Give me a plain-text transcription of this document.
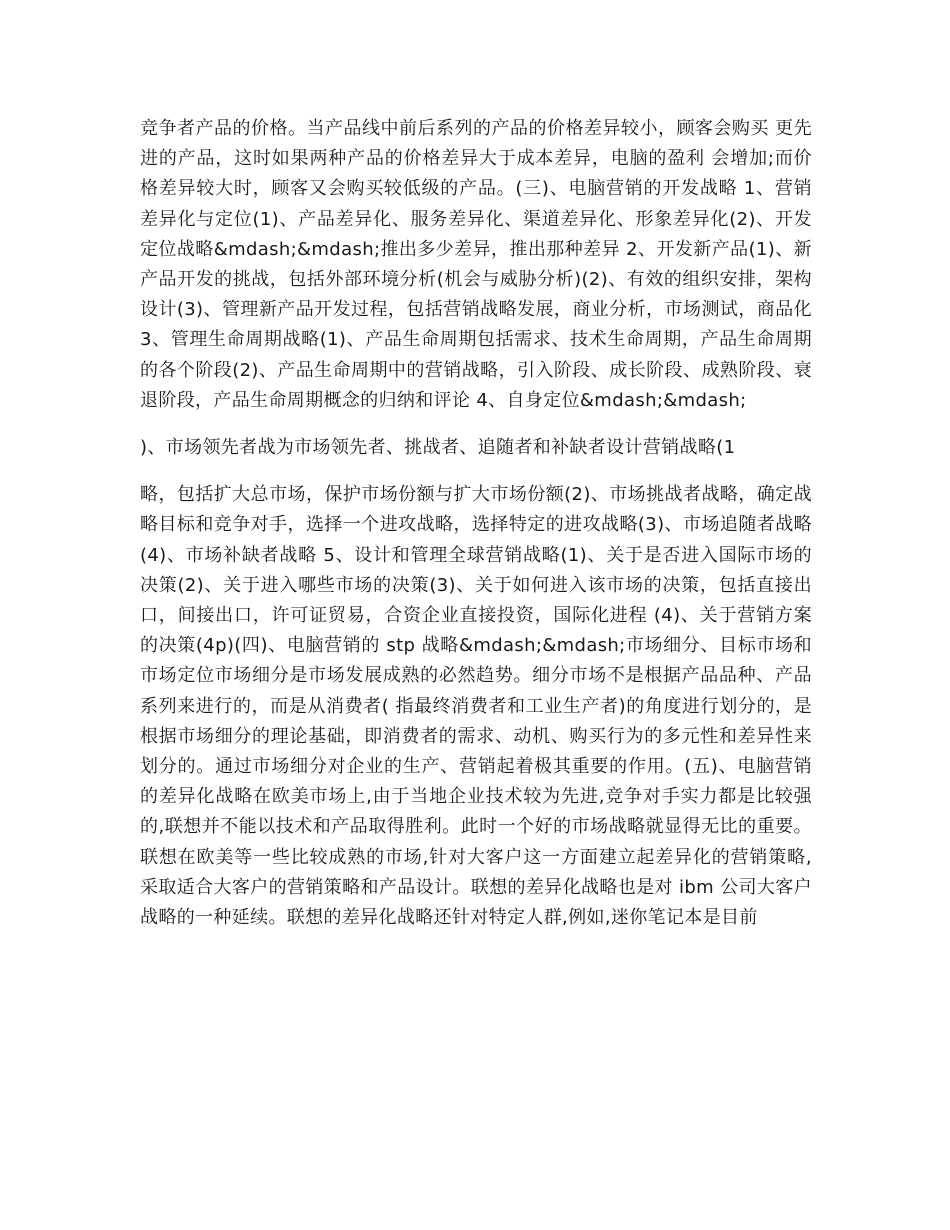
竞争者产品的价格。当产品线中前后系列的产品的价格差异较小，顾客会购买 更先进的产品，这时如果两种产品的价格差异大于成本差异，电脑的盈利 会增加;而价格差异较大时，顾客又会购买较低级的产品。(三)、电脑营销的开发战略 1、营销差异化与定位(1)、产品差异化、服务差异化、渠道差异化、形象差异化(2)、开发定位战略&mdash;&mdash;推出多少差异，推出那种差异 2、开发新产品(1)、新产品开发的挑战，包括外部环境分析(机会与威胁分析)(2)、有效的组织安排，架构设计(3)、管理新产品开发过程，包括营销战略发展，商业分析，市场测试，商品化 3、管理生命周期战略(1)、产品生命周期包括需求、技术生命周期，产品生命周期的各个阶段(2)、产品生命周期中的营销战略，引入阶段、成长阶段、成熟阶段、衰退阶段，产品生命周期概念的归纳和评论 4、自身定位&mdash;&mdash;

)、市场领先者战为市场领先者、挑战者、追随者和补缺者设计营销战略(1

略，包括扩大总市场，保护市场份额与扩大市场份额(2)、市场挑战者战略，确定战略目标和竞争对手，选择一个进攻战略，选择特定的进攻战略(3)、市场追随者战略 (4)、市场补缺者战略 5、设计和管理全球营销战略(1)、关于是否进入国际市场的决策(2)、关于进入哪些市场的决策(3)、关于如何进入该市场的决策，包括直接出口，间接出口，许可证贸易，合资企业直接投资，国际化进程 (4)、关于营销方案的决策(4p)(四)、电脑营销的 stp 战略&mdash;&mdash;市场细分、目标市场和市场定位市场细分是市场发展成熟的必然趋势。细分市场不是根据产品品种、产品系列来进行的，而是从消费者( 指最终消费者和工业生产者)的角度进行划分的，是根据市场细分的理论基础，即消费者的需求、动机、购买行为的多元性和差异性来划分的。通过市场细分对企业的生产、营销起着极其重要的作用。(五)、电脑营销的差异化战略在欧美市场上,由于当地企业技术较为先进,竞争对手实力都是比较强的,联想并不能以技术和产品取得胜利。此时一个好的市场战略就显得无比的重要。联想在欧美等一些比较成熟的市场,针对大客户这一方面建立起差异化的营销策略,采取适合大客户的营销策略和产品设计。联想的差异化战略也是对 ibm 公司大客户战略的一种延续。联想的差异化战略还针对特定人群,例如,迷你笔记本是目前
